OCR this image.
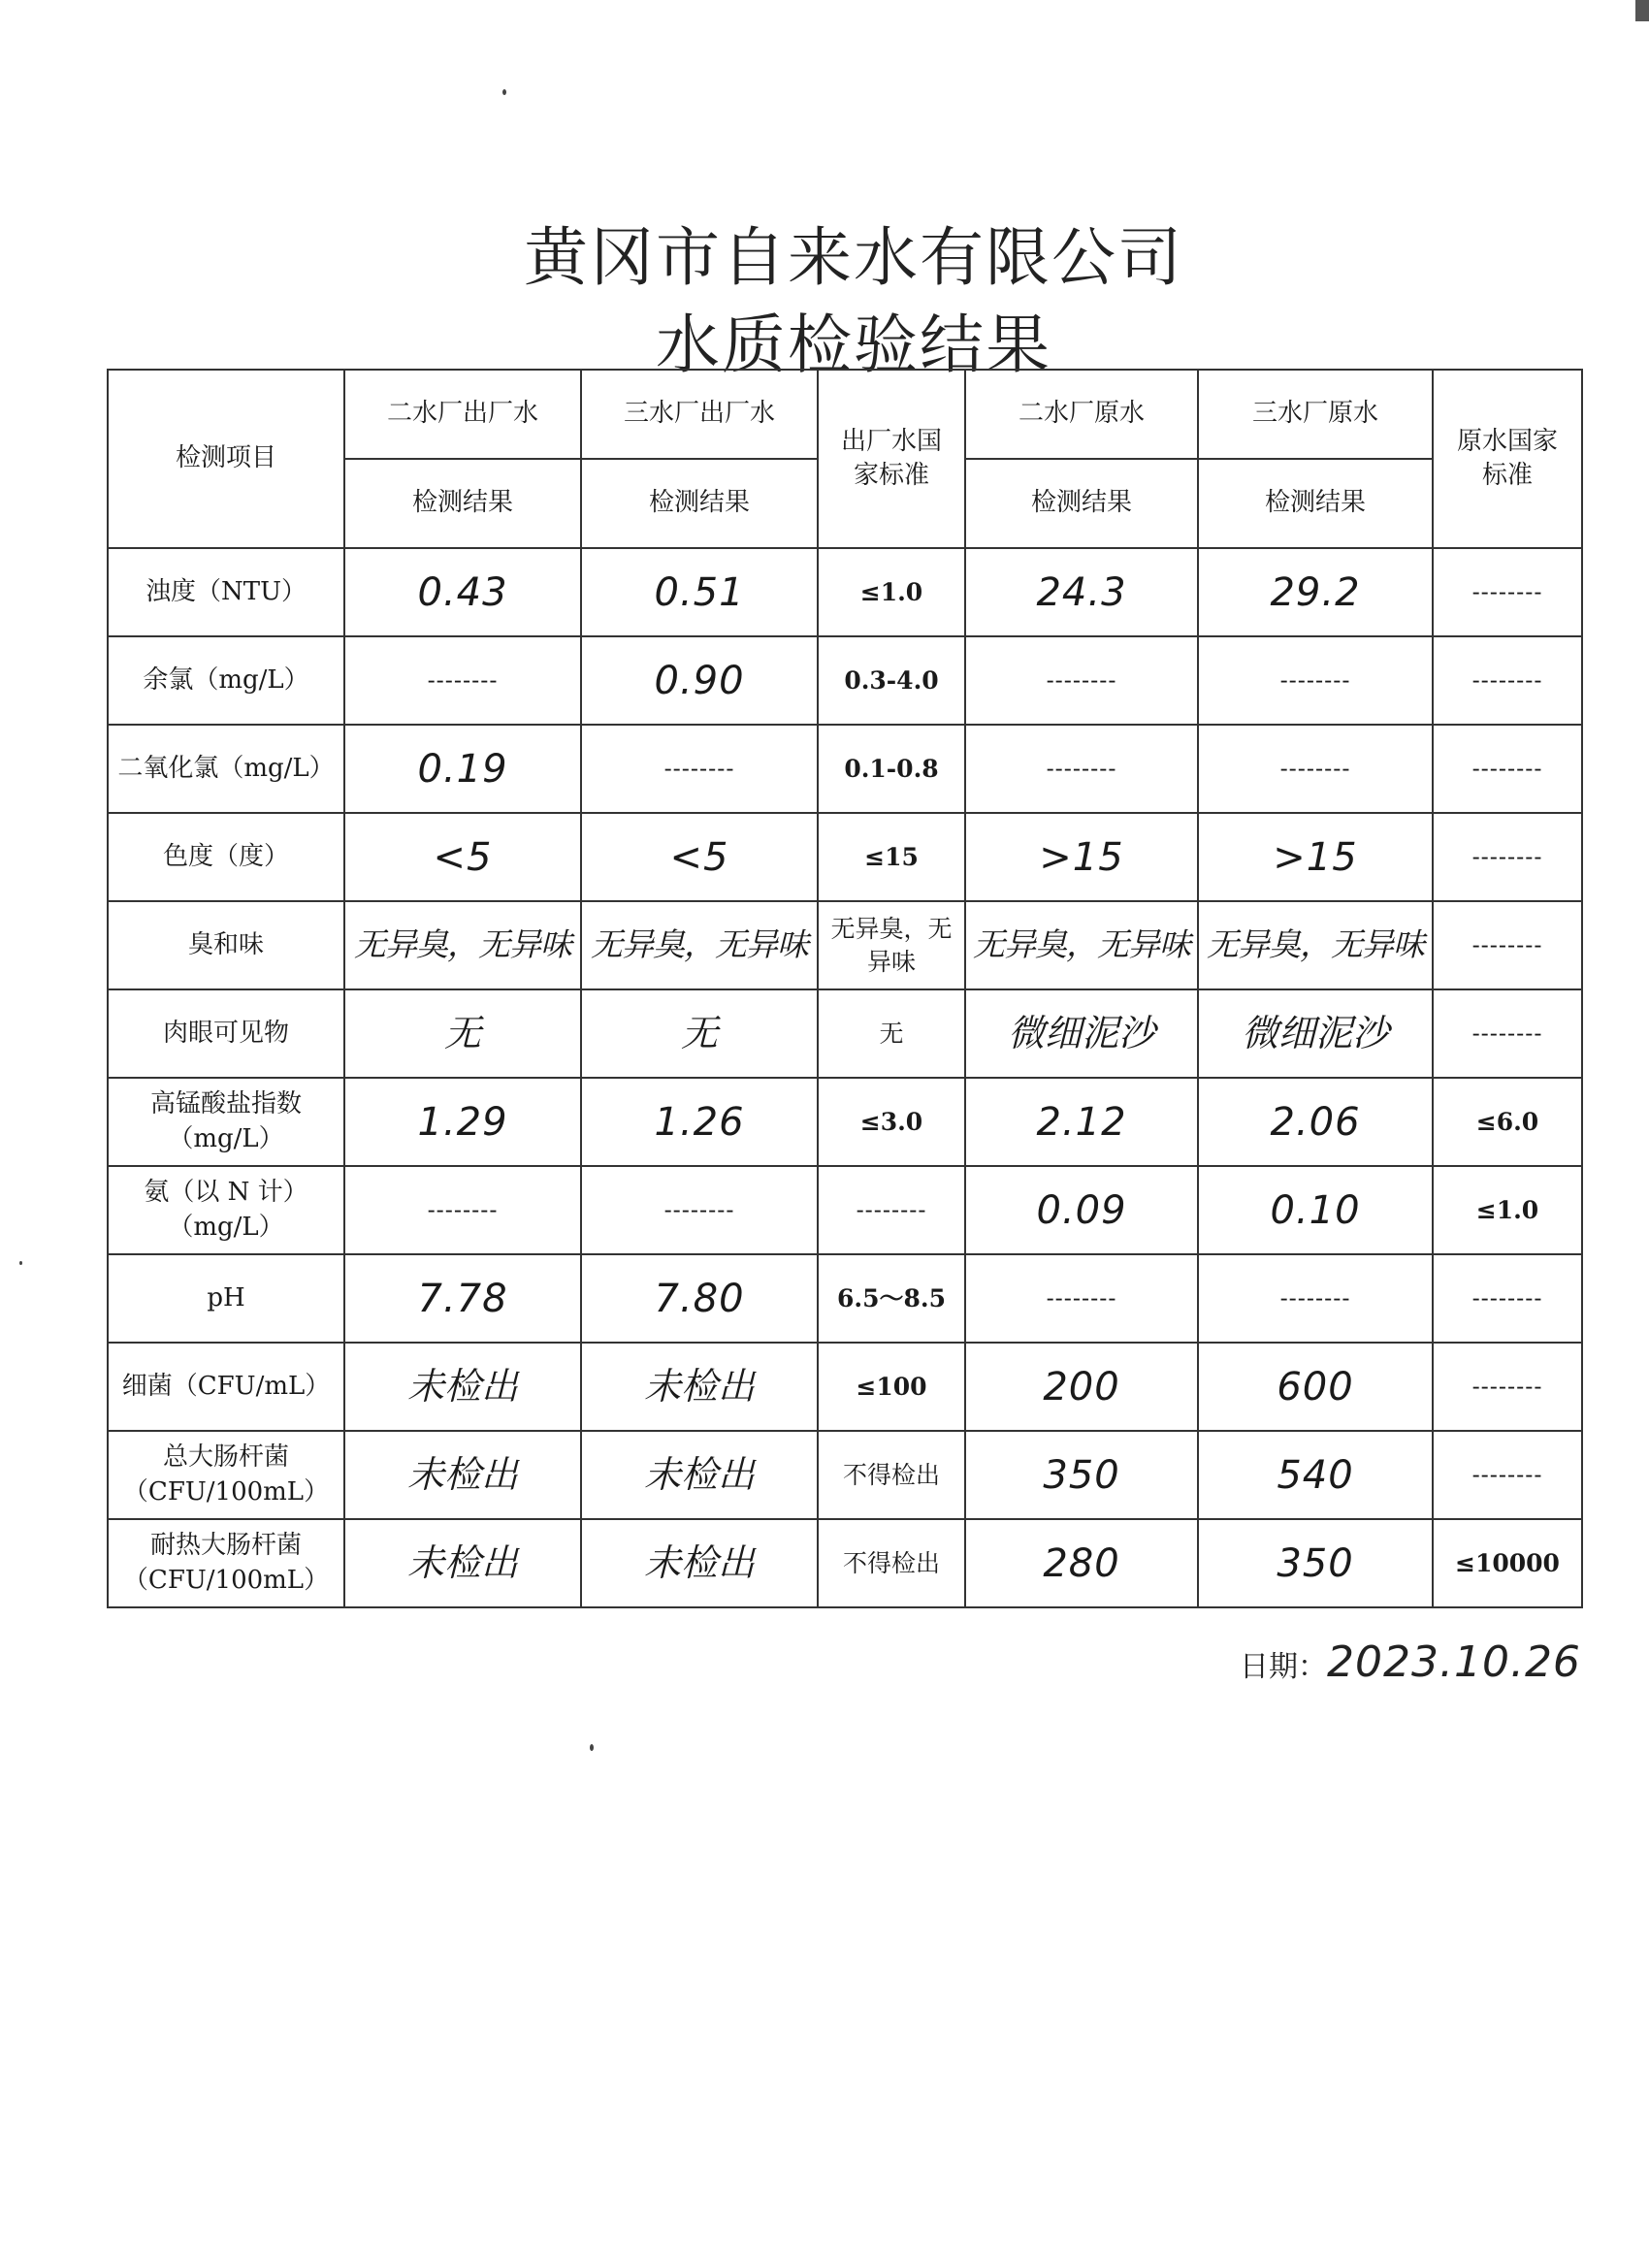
黄冈市自来水有限公司
水质检验结果
检测项目	二水厂出厂水	三水厂出厂水	出厂水国家标准	二水厂原水	三水厂原水	原水国家标准
	检测结果	检测结果		检测结果	检测结果	
浊度（NTU）	0.43	0.51	≤1.0	24.3	29.2	--------
余氯（mg/L）	--------	0.90	0.3-4.0	--------	--------	--------
二氧化氯（mg/L）	0.19	--------	0.1-0.8	--------	--------	--------
色度（度）	<5	<5	≤15	>15	>15	--------
臭和味	无异臭，无异味	无异臭，无异味	无异臭，无异味	无异臭，无异味	无异臭，无异味	--------
肉眼可见物	无	无	无	微细泥沙	微细泥沙	--------
高锰酸盐指数（mg/L）	1.29	1.26	≤3.0	2.12	2.06	≤6.0
氨（以 N 计）（mg/L）	--------	--------	--------	0.09	0.10	≤1.0
pH	7.78	7.80	6.5～8.5	--------	--------	--------
细菌（CFU/mL）	未检出	未检出	≤100	200	600	--------
总大肠杆菌（CFU/100mL）	未检出	未检出	不得检出	350	540	--------
耐热大肠杆菌（CFU/100mL）	未检出	未检出	不得检出	280	350	≤10000
日期：2023.10.26
